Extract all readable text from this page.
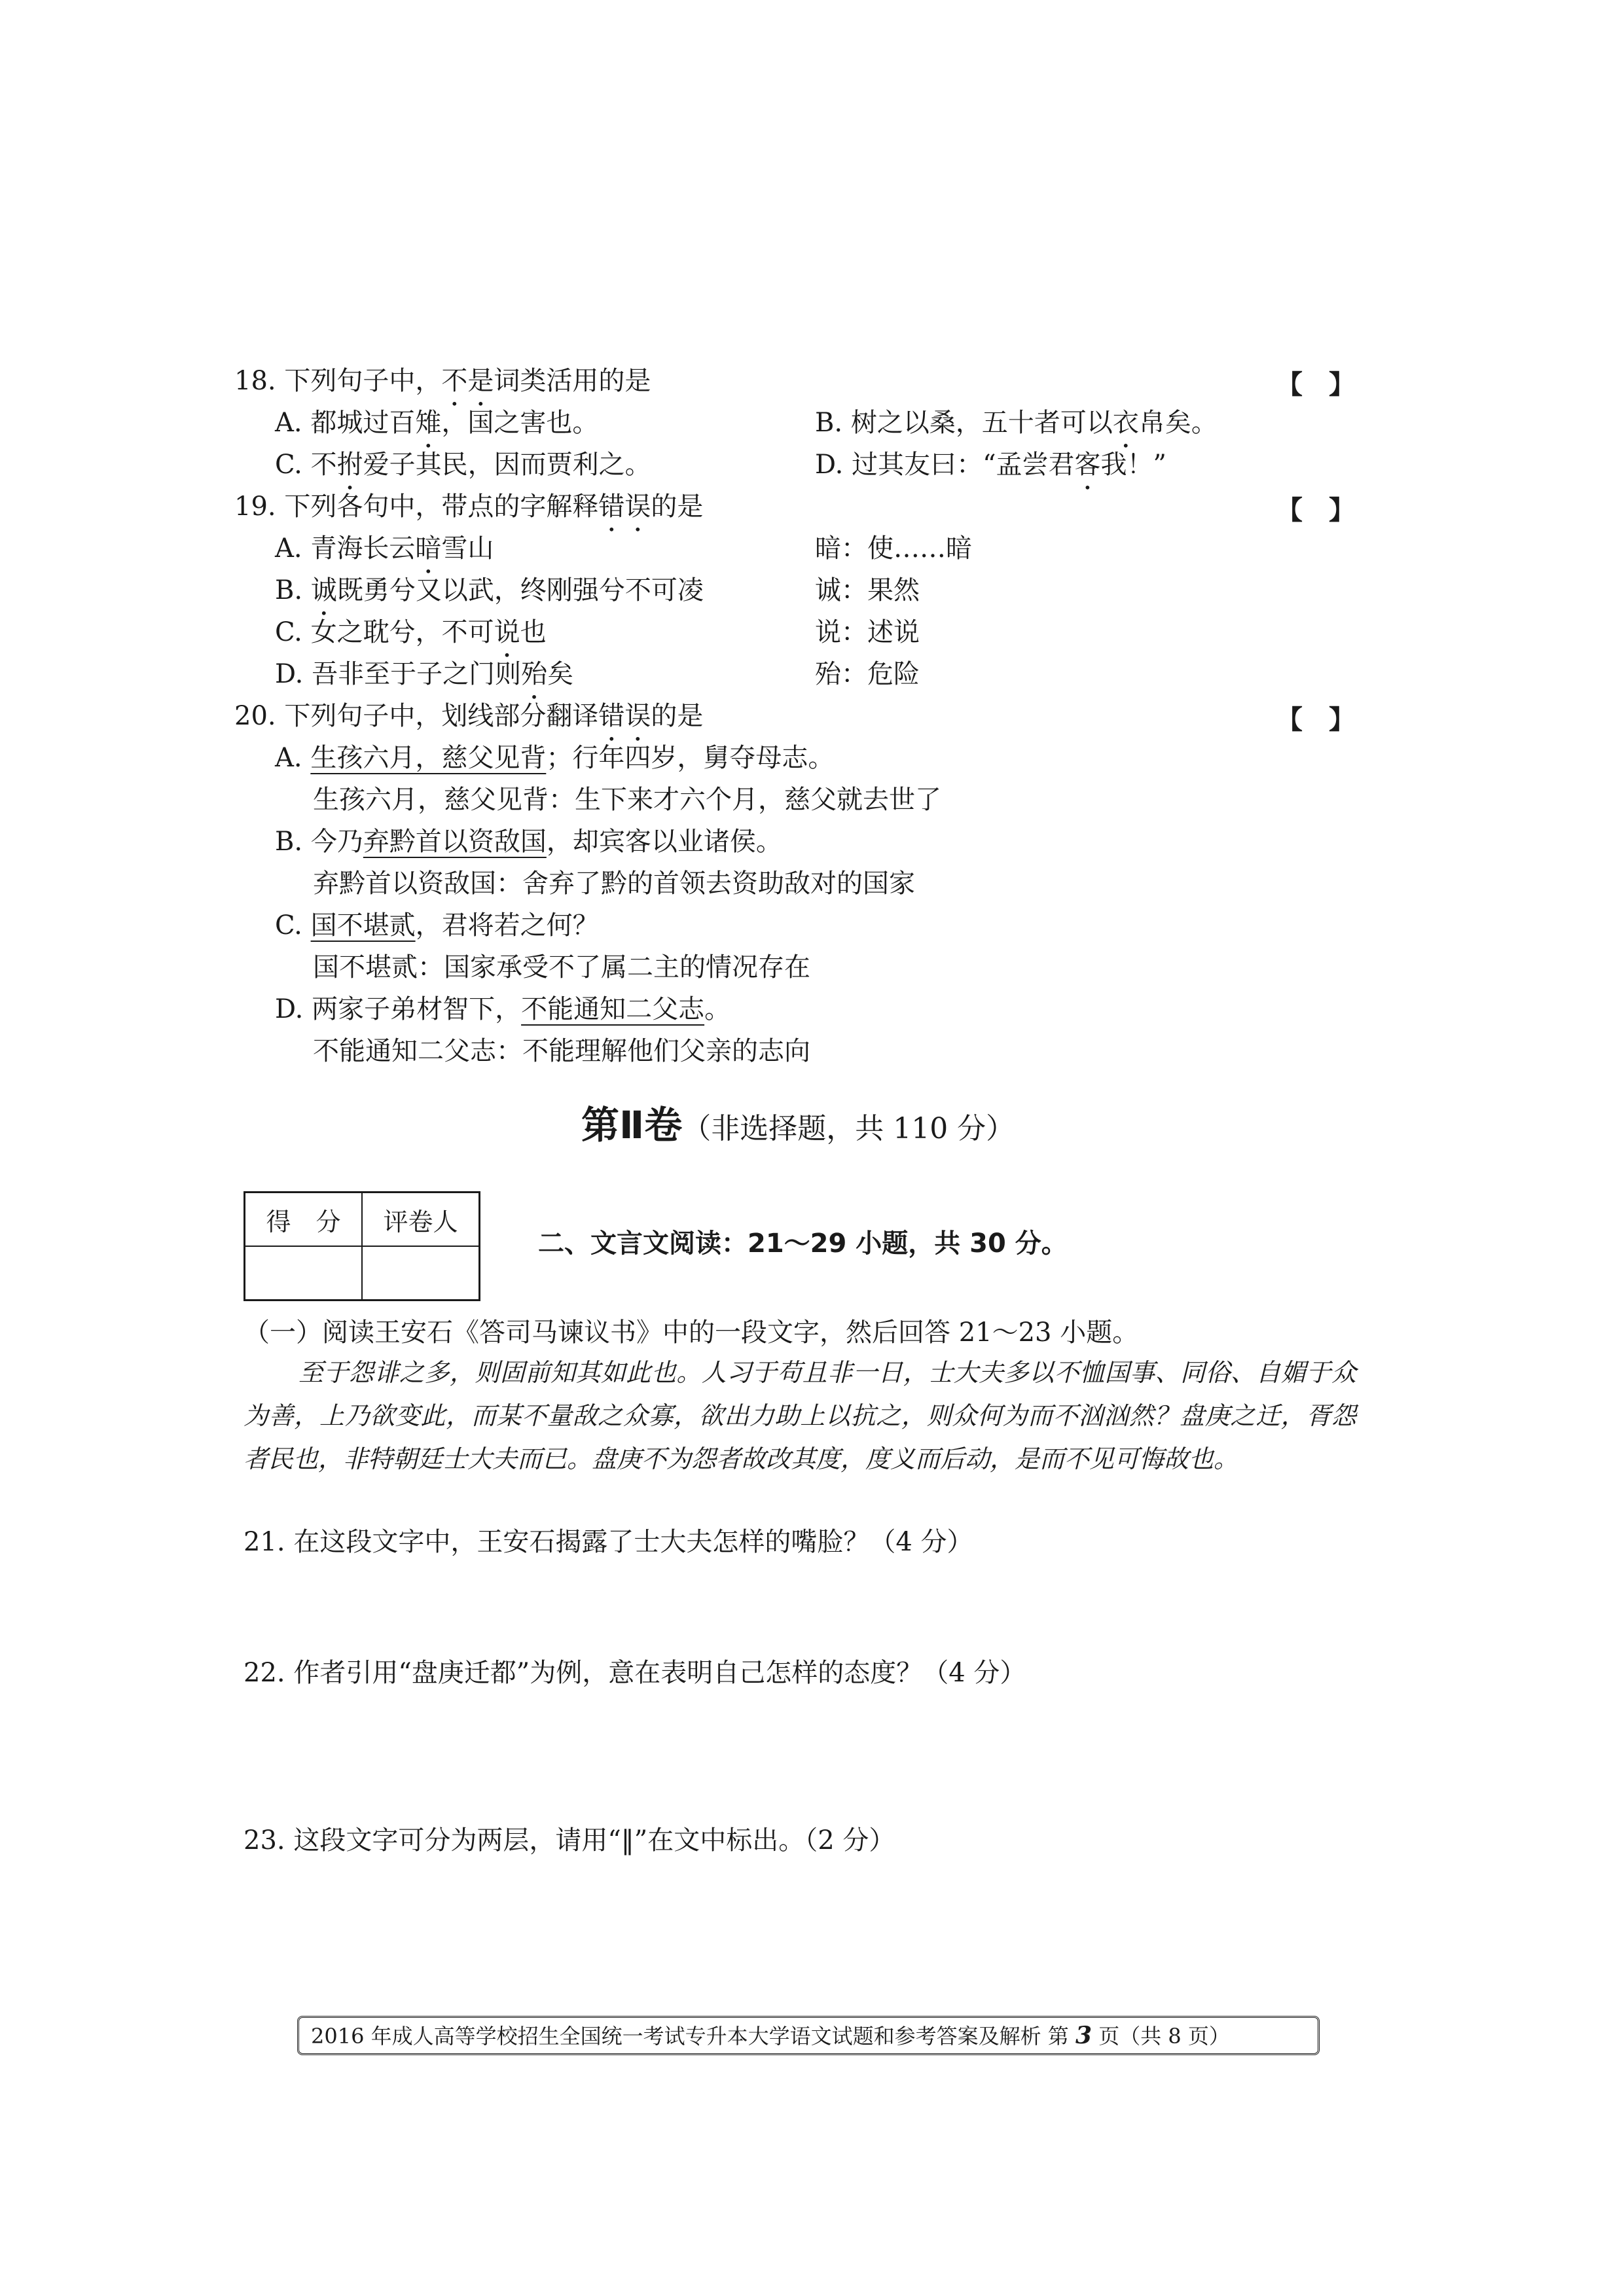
18. 下列句子中，不是词类活用的是	【　】
A. 都城过百雉，国之害也。	B. 树之以桑，五十者可以衣帛矣。
C. 不拊爱子其民，因而贾利之。	D. 过其友曰：“孟尝君客我！”
19. 下列各句中，带点的字解释错误的是	【　】
A. 青海长云暗雪山	暗：使……暗
B. 诚既勇兮又以武，终刚强兮不可凌	诚：果然
C. 女之耽兮，不可说也	说：述说
D. 吾非至于子之门则殆矣	殆：危险
20. 下列句子中，划线部分翻译错误的是	【　】
A. 生孩六月，慈父见背；行年四岁，舅夺母志。
生孩六月，慈父见背：生下来才六个月，慈父就去世了
B. 今乃弃黔首以资敌国，却宾客以业诸侯。
弃黔首以资敌国：舍弃了黔的首领去资助敌对的国家
C. 国不堪贰，君将若之何？
国不堪贰：国家承受不了属二主的情况存在
D. 两家子弟材智下，不能通知二父志。
不能通知二父志：不能理解他们父亲的志向
第Ⅱ卷（非选择题，共 110 分）
得　分	评卷人

二、文言文阅读：21～29 小题，共 30 分。
（一）阅读王安石《答司马谏议书》中的一段文字，然后回答 21～23 小题。
至于怨诽之多，则固前知其如此也。人习于苟且非一日，士大夫多以不恤国事、同俗、自媚于众为善，上乃欲变此，而某不量敌之众寡，欲出力助上以抗之，则众何为而不汹汹然？盘庚之迁，胥怨者民也，非特朝廷士大夫而已。盘庚不为怨者故改其度，度义而后动，是而不见可悔故也。
21. 在这段文字中，王安石揭露了士大夫怎样的嘴脸？（4 分）
22. 作者引用“盘庚迁都”为例，意在表明自己怎样的态度？（4 分）
23. 这段文字可分为两层，请用“‖”在文中标出。（2 分）
2016 年成人高等学校招生全国统一考试专升本大学语文试题和参考答案及解析 第 3 页（共 8 页）
